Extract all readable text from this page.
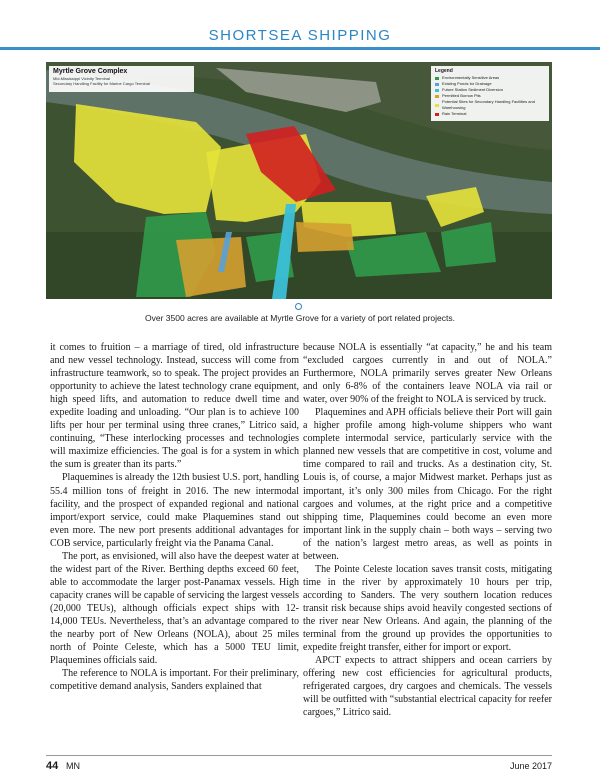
SHORTSEA SHIPPING
Myrtle Grove Complex
Mid-Mississippi Vicinity Terminal
Secondary Handling Facility for Marine Cargo Terminal
Legend
Environmentally Sensitive Areas
Existing Ponds for Drainage
Future Station Sediment Diversion
Permitted Borrow Pits
Potential Sites for Secondary Handling Facilities and Warehousing
Rain Terminal
Over 3500 acres are available at Myrtle Grove for a variety of port related projects.

it comes to fruition – a marriage of tired, old infrastructure and new vessel technology. Instead, success will come from infrastructure teamwork, so to speak. The project provides an opportunity to achieve the latest technology crane equipment, high speed lifts, and automation to reduce dwell time and expedite loading and unloading. “Our plan is to achieve 100 lifts per hour per terminal using three cranes,” Litrico said, continuing, “These interlocking processes and technologies will maximize efficiencies. The goal is for a system in which the sum is greater than its parts.”

Plaquemines is already the 12th busiest U.S. port, handling 55.4 million tons of freight in 2016. The new intermodal facility, and the prospect of expanded regional and national import/export service, could make Plaquemines stand out even more. The new port presents additional advantages for COB service, particularly freight via the Panama Canal.

The port, as envisioned, will also have the deepest water at the widest part of the River. Berthing depths exceed 60 feet, able to accommodate the larger post-Panamax vessels. High capacity cranes will be capable of servicing the largest vessels (20,000 TEUs), although officials expect ships with 12-14,000 TEUs. Nevertheless, that’s an advantage compared to the nearby port of New Orleans (NOLA), about 25 miles north of Pointe Celeste, which has a 5000 TEU limit, Plaquemines officials said.

The reference to NOLA is important. For their preliminary, competitive demand analysis, Sanders explained that

because NOLA is essentially “at capacity,” he and his team “excluded cargoes currently in and out of NOLA.” Furthermore, NOLA primarily serves greater New Orleans and only 6-8% of the containers leave NOLA via rail or water, over 90% of the freight to NOLA is serviced by truck.

Plaquemines and APH officials believe their Port will gain a higher profile among high-volume shippers who want complete intermodal service, particularly service with the planned new vessels that are competitive in cost, volume and time compared to rail and trucks. As a destination city, St. Louis is, of course, a major Midwest market. Perhaps just as important, it’s only 300 miles from Chicago. For the right cargoes and volumes, at the right price and a competitive shipping time, Plaquemines could become an even more important link in the supply chain – both ways – serving two of the nation’s largest metro areas, as well as points in between.

The Pointe Celeste location saves transit costs, mitigating time in the river by approximately 10 hours per trip, according to Sanders. The very southern location reduces transit risk because ships avoid heavily congested sections of the river near New Orleans. And again, the planning of the terminal from the ground up provides the opportunities to expedite freight transfer, either for import or export.

APCT expects to attract shippers and ocean carriers by offering new cost efficiencies for agricultural products, refrigerated cargoes, dry cargoes and chemicals. The vessels will be outfitted with “substantial electrical capacity for reefer cargoes,” Litrico said.

44 MN	June 2017
